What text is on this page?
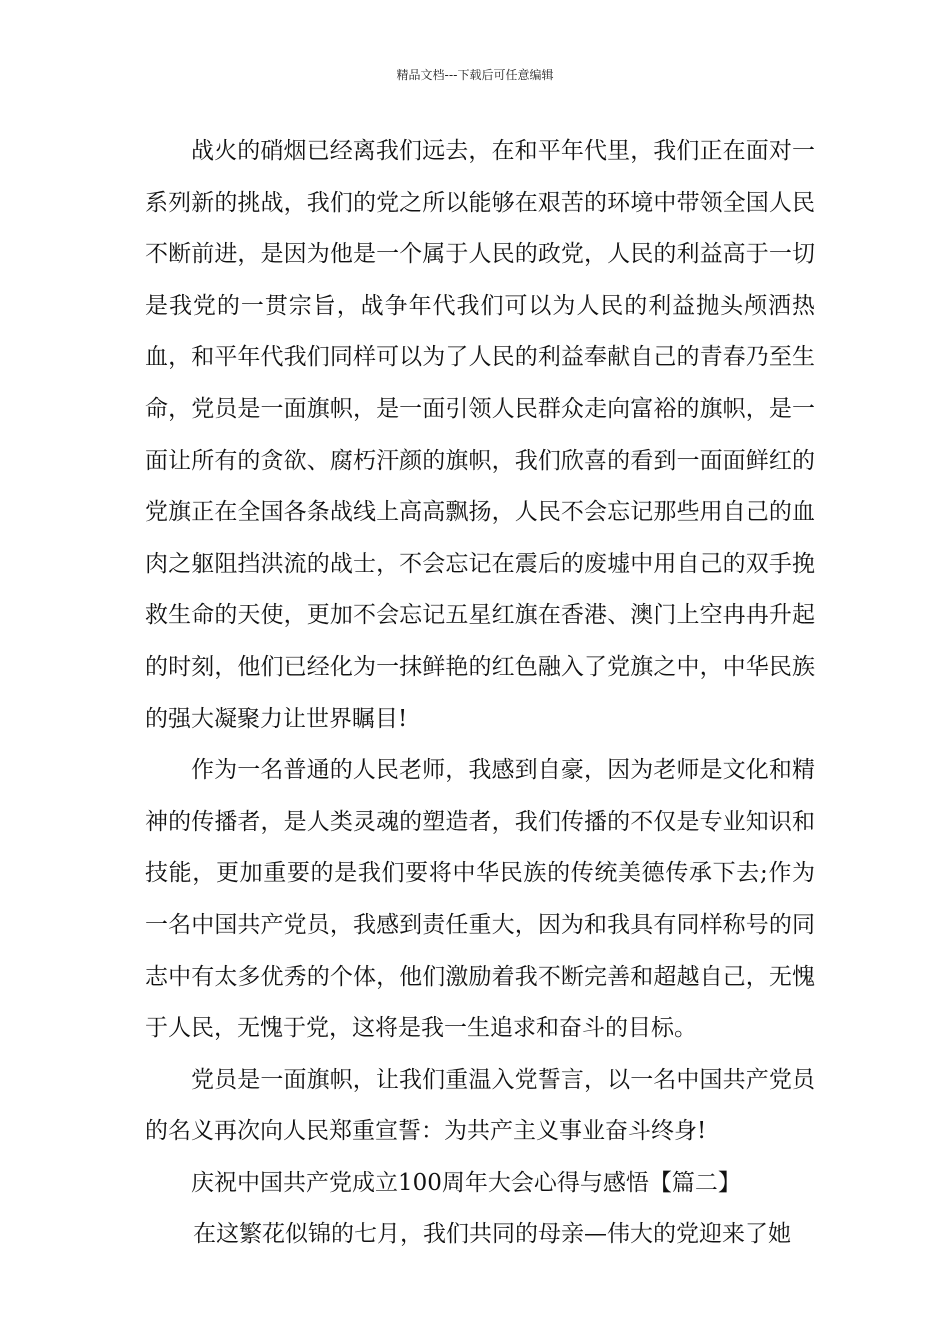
精品文档---下载后可任意编辑

战火的硝烟已经离我们远去，在和平年代里，我们正在面对一系列新的挑战，我们的党之所以能够在艰苦的环境中带领全国人民不断前进，是因为他是一个属于人民的政党，人民的利益高于一切是我党的一贯宗旨，战争年代我们可以为人民的利益抛头颅洒热血，和平年代我们同样可以为了人民的利益奉献自己的青春乃至生命，党员是一面旗帜，是一面引领人民群众走向富裕的旗帜，是一面让所有的贪欲、腐朽汗颜的旗帜，我们欣喜的看到一面面鲜红的党旗正在全国各条战线上高高飘扬，人民不会忘记那些用自己的血肉之躯阻挡洪流的战士，不会忘记在震后的废墟中用自己的双手挽救生命的天使，更加不会忘记五星红旗在香港、澳门上空冉冉升起的时刻，他们已经化为一抹鲜艳的红色融入了党旗之中，中华民族的强大凝聚力让世界瞩目!

作为一名普通的人民老师，我感到自豪，因为老师是文化和精神的传播者，是人类灵魂的塑造者，我们传播的不仅是专业知识和技能，更加重要的是我们要将中华民族的传统美德传承下去;作为一名中国共产党员，我感到责任重大，因为和我具有同样称号的同志中有太多优秀的个体，他们激励着我不断完善和超越自己，无愧于人民，无愧于党，这将是我一生追求和奋斗的目标。

党员是一面旗帜，让我们重温入党誓言，以一名中国共产党员的名义再次向人民郑重宣誓：为共产主义事业奋斗终身!

庆祝中国共产党成立100周年大会心得与感悟【篇二】

在这繁花似锦的七月，我们共同的母亲—伟大的党迎来了她
